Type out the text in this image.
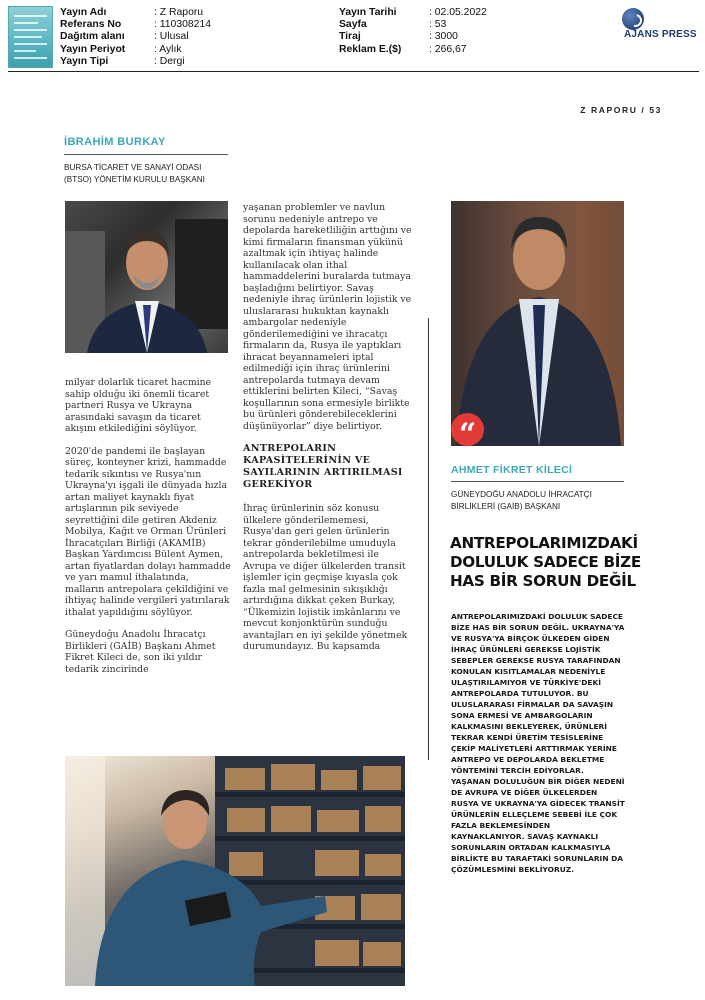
Yayın Adı	: Z Raporu
Referans No	: 110308214
Dağıtım alanı	: Ulusal
Yayın Periyot	: Aylık
Yayın Tipi	: Dergi
Yayın Tarihi	: 02.05.2022
Sayfa	: 53
Tiraj	: 3000
Reklam E.($)	: 266,67
AJANS PRESS
Z RAPORU / 53
İBRAHİM BURKAY
BURSA TİCARET VE SANAYİ ODASI
(BTSO) YÖNETİM KURULU BAŞKANI

milyar dolarlık ticaret hacmine sahip olduğu iki önemli ticaret partneri Rusya ve Ukrayna arasındaki savaşın da ticaret akışını etkilediğini söylüyor.

2020'de pandemi ile başlayan süreç, konteyner krizi, hammadde tedarik sıkıntısı ve Rusya'nın Ukrayna'yı işgali ile dünyada hızla artan maliyet kaynaklı fiyat artışlarının pik seviyede seyrettiğini dile getiren Akdeniz Mobilya, Kağıt ve Orman Ürünleri İhracatçıları Birliği (AKAMİB) Başkan Yardımcısı Bülent Aymen, artan fiyatlardan dolayı hammadde ve yarı mamul ithalatında, malların antrepolara çekildiğini ve ihtiyaç halinde vergileri yatırılarak ithalat yapıldığını söylüyor.

Güneydoğu Anadolu İhracatçı Birlikleri (GAİB) Başkanı Ahmet Fikret Kileci de, son iki yıldır tedarik zincirinde

yaşanan problemler ve navlun sorunu nedeniyle antrepo ve depolarda hareketliliğin arttığını ve kimi firmaların finansman yükünü azaltmak için ihtiyaç halinde kullanılacak olan ithal hammaddelerini buralarda tutmaya başladığını belirtiyor. Savaş nedeniyle ihraç ürünlerin lojistik ve uluslararası hukuktan kaynaklı ambargolar nedeniyle gönderilemediğini ve ihracatçı firmaların da, Rusya ile yaptıkları ihracat beyannameleri iptal edilmediği için ihraç ürünlerini antrepolarda tutmaya devam ettiklerini belirten Kileci, “Savaş koşullarının sona ermesiyle birlikte bu ürünleri gönderebileceklerini düşünüyorlar” diye belirtiyor.

ANTREPOLARIN KAPASİTELERİNİN VE SAYILARININ ARTIRILMASI GEREKİYOR

İhraç ürünlerinin söz konusu ülkelere gönderilememesi, Rusya'dan geri gelen ürünlerin tekrar gönderilebilme umuduyla antrepolarda bekletilmesi ile Avrupa ve diğer ülkelerden transit işlemler için geçmişe kıyasla çok fazla mal gelmesinin sıkışıklığı artırdığına dikkat çeken Burkay, “Ülkemizin lojistik imkânlarını ve mevcut konjonktürün sunduğu avantajları en iyi şekilde yönetmek durumundayız. Bu kapsamda

“
AHMET FİKRET KİLECİ
GÜNEYDOĞU ANADOLU İHRACATÇI
BİRLİKLERİ (GAİB) BAŞKANI
ANTREPOLARIMIZDAKİ DOLULUK SADECE BİZE HAS BİR SORUN DEĞİL
ANTREPOLARIMIZDAKİ DOLULUK SADECE BİZE HAS BİR SORUN DEĞİL. UKRAYNA'YA VE RUSYA'YA BİRÇOK ÜLKEDEN GİDEN İHRAÇ ÜRÜNLERİ GEREKSE LOJİSTİK SEBEPLER GEREKSE RUSYA TARAFINDAN KONULAN KISITLAMALAR NEDENİYLE ULAŞTIRILAMIYOR VE TÜRKİYE'DEKİ ANTREPOLARDA TUTULUYOR. BU ULUSLARARASI FİRMALAR DA SAVAŞIN SONA ERMESİ VE AMBARGOLARIN KALKMASINI BEKLEYEREK, ÜRÜNLERİ TEKRAR KENDİ ÜRETİM TESİSLERİNE ÇEKİP MALİYETLERİ ARTTIRMAK YERİNE ANTREPO VE DEPOLARDA BEKLETME YÖNTEMİNİ TERCİH EDİYORLAR. YAŞANAN DOLULUĞUN BİR DİĞER NEDENİ DE AVRUPA VE DİĞER ÜLKELERDEN RUSYA VE UKRAYNA'YA GİDECEK TRANSİT ÜRÜNLERİN ELLEÇLEME SEBEBİ İLE ÇOK FAZLA BEKLEMESİNDEN KAYNAKLANIYOR. SAVAŞ KAYNAKLI SORUNLARIN ORTADAN KALKMASIYLA BİRLİKTE BU TARAFTAKİ SORUNLARIN DA ÇÖZÜMLESMİNİ BEKLİYORUZ.
